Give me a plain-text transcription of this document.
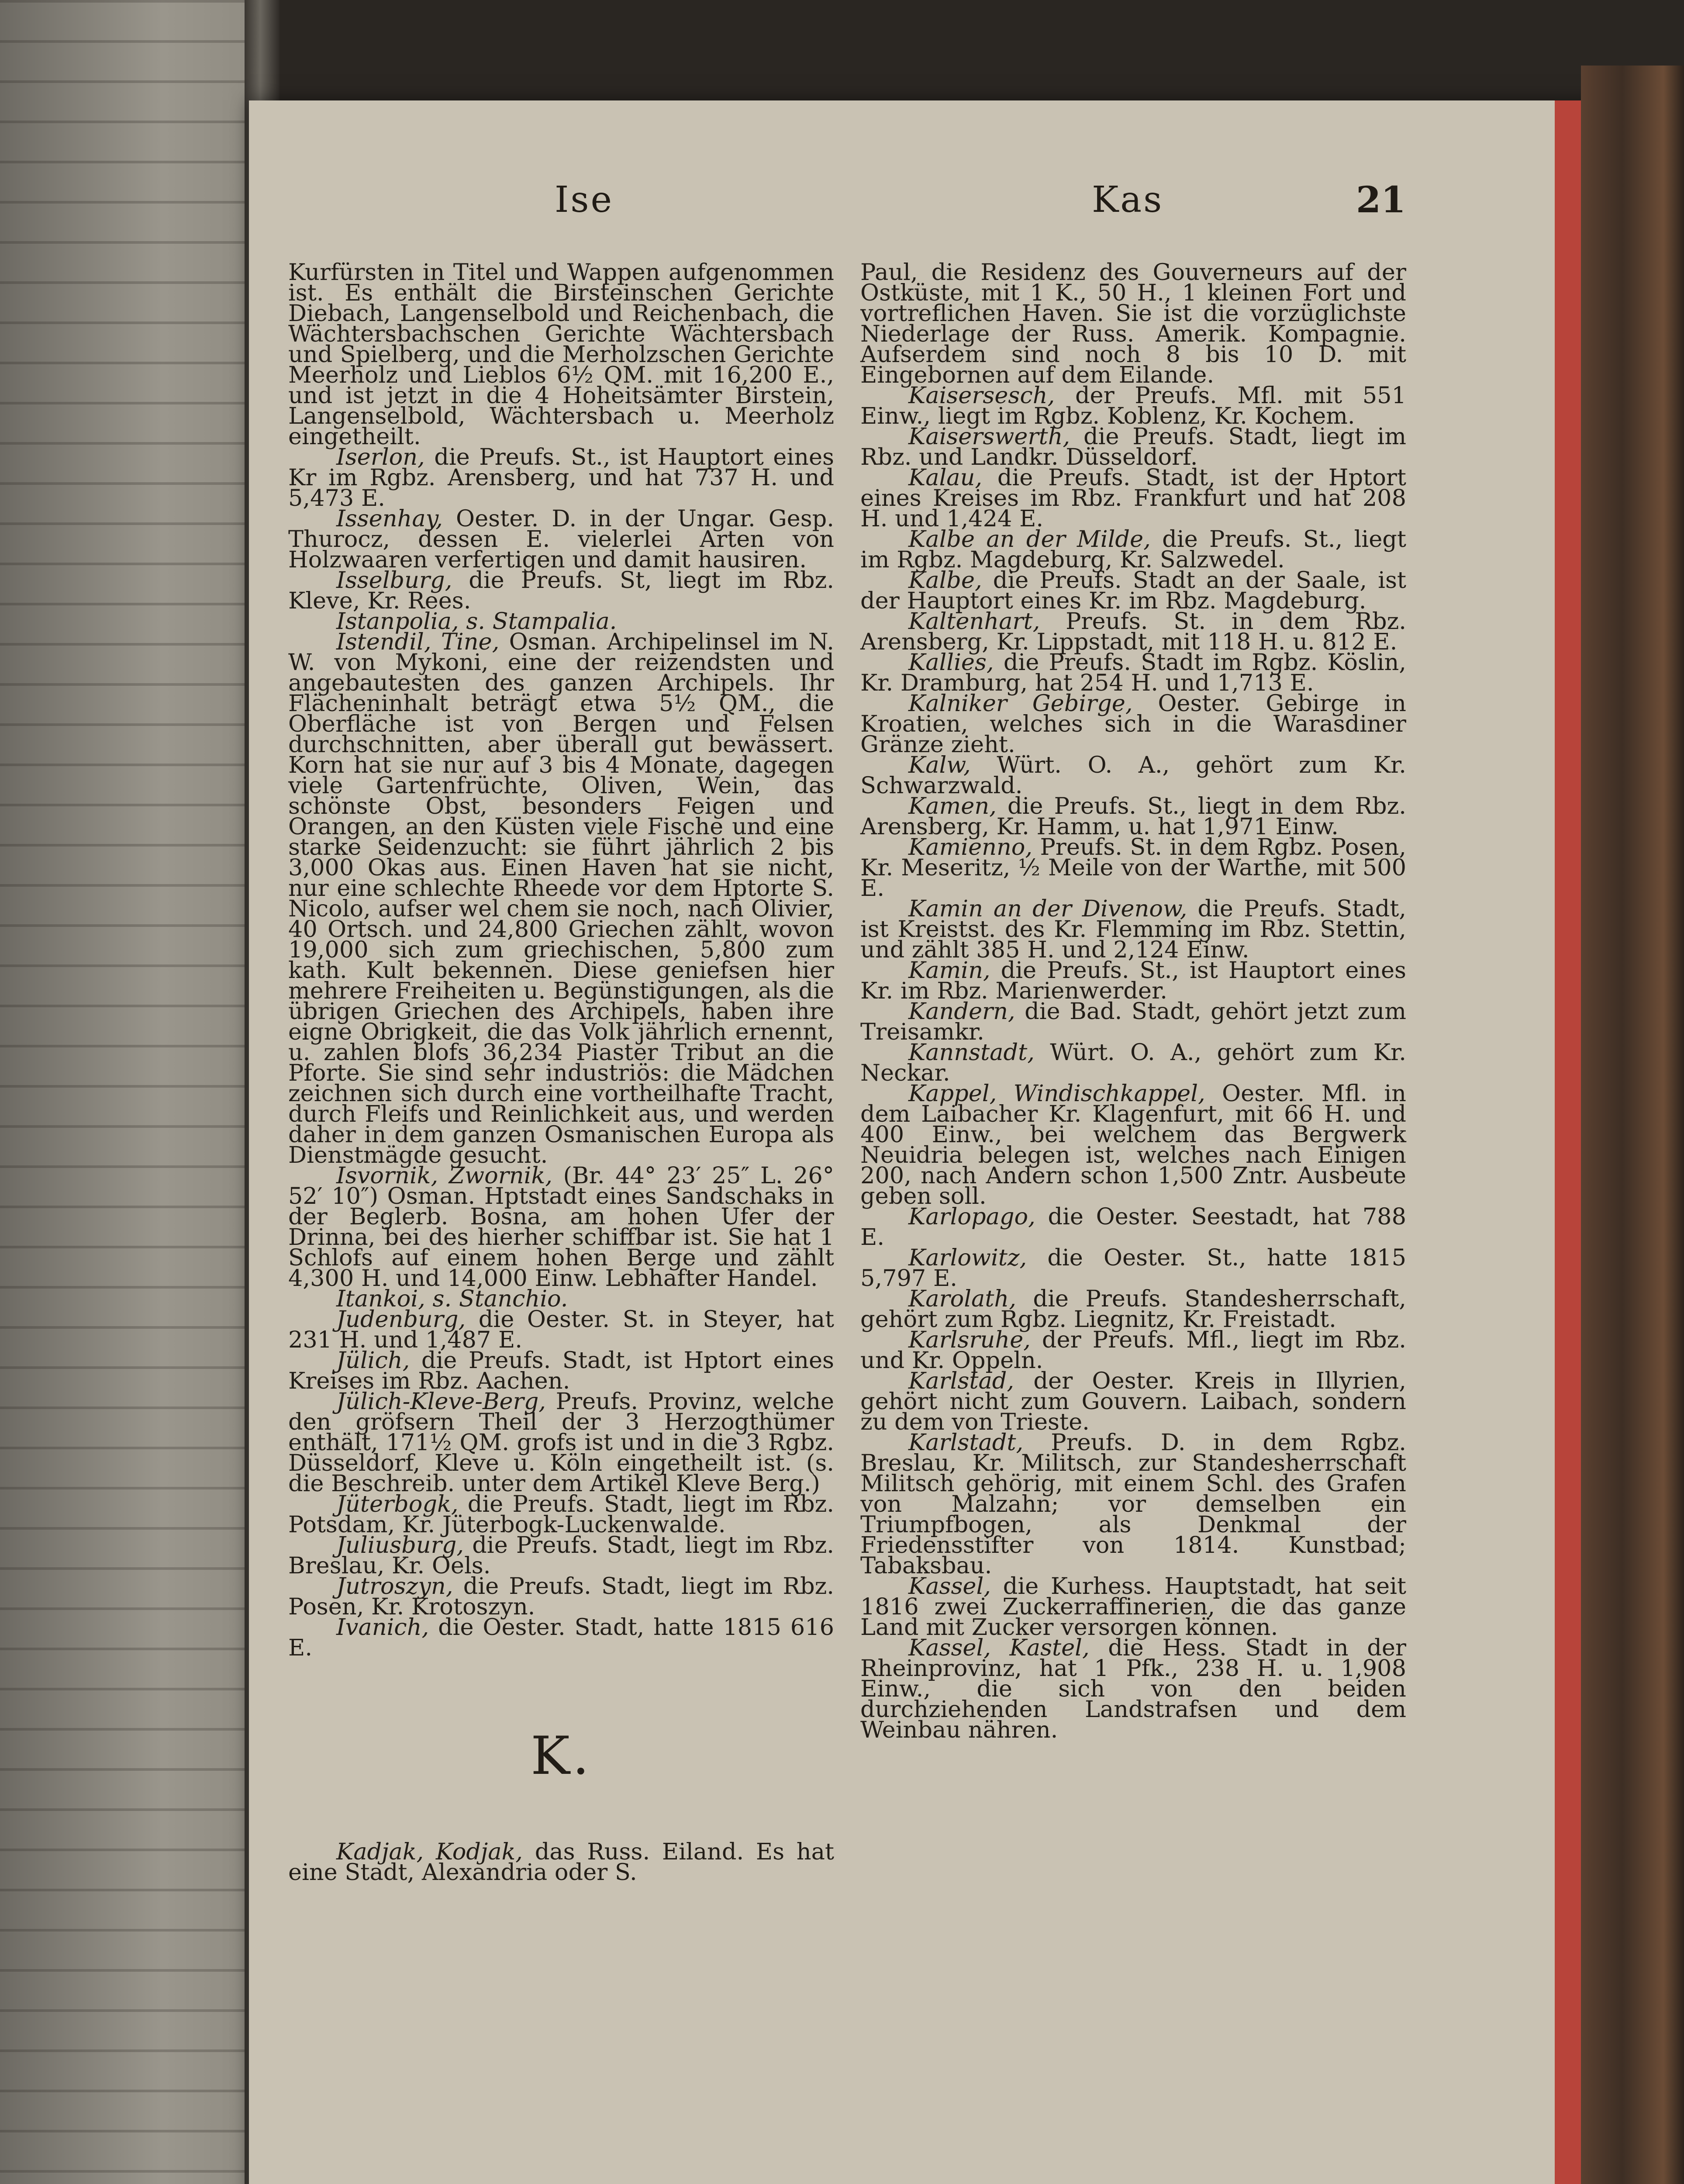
Ise	Kas	21

Kurfürsten in Titel und Wappen aufgenommen ist. Es enthält die Birsteinschen Gerichte Diebach, Langenselbold und Reichenbach, die Wächtersbachschen Gerichte Wächtersbach und Spielberg, und die Merholzschen Gerichte Meerholz und Lieblos 6½ QM. mit 16,200 E., und ist jetzt in die 4 Hoheitsämter Birstein, Langenselbold, Wächtersbach u. Meerholz eingetheilt.

Iserlon, die Preufs. St., ist Hauptort eines Kr im Rgbz. Arensberg, und hat 737 H. und 5,473 E.

Issenhay, Oester. D. in der Ungar. Gesp. Thurocz, dessen E. vielerlei Arten von Holzwaaren verfertigen und damit hausiren.

Isselburg, die Preufs. St, liegt im Rbz. Kleve, Kr. Rees.

Istanpolia, s. Stampalia.

Istendil, Tine, Osman. Archipelinsel im N. W. von Mykoni, eine der reizendsten und angebautesten des ganzen Archipels. Ihr Flächeninhalt beträgt etwa 5½ QM., die Oberfläche ist von Bergen und Felsen durchschnitten, aber überall gut bewässert. Korn hat sie nur auf 3 bis 4 Monate, dagegen viele Gartenfrüchte, Oliven, Wein, das schönste Obst, besonders Feigen und Orangen, an den Küsten viele Fische und eine starke Seidenzucht: sie führt jährlich 2 bis 3,000 Okas aus. Einen Haven hat sie nicht, nur eine schlechte Rheede vor dem Hptorte S. Nicolo, aufser wel chem sie noch, nach Olivier, 40 Ortsch. und 24,800 Griechen zählt, wovon 19,000 sich zum griechischen, 5,800 zum kath. Kult bekennen. Diese geniefsen hier mehrere Freiheiten u. Begünstigungen, als die übrigen Griechen des Archipels, haben ihre eigne Obrigkeit, die das Volk jährlich ernennt, u. zahlen blofs 36,234 Piaster Tribut an die Pforte. Sie sind sehr industriös: die Mädchen zeichnen sich durch eine vortheilhafte Tracht, durch Fleifs und Reinlichkeit aus, und werden daher in dem ganzen Osmanischen Europa als Dienstmägde gesucht.

Isvornik, Zwornik, (Br. 44° 23′ 25″ L. 26° 52′ 10″) Osman. Hptstadt eines Sandschaks in der Beglerb. Bosna, am hohen Ufer der Drinna, bei des hierher schiffbar ist. Sie hat 1 Schlofs auf einem hohen Berge und zählt 4,300 H. und 14,000 Einw. Lebhafter Handel.

Itankoi, s. Stanchio.

Judenburg, die Oester. St. in Steyer, hat 231 H. und 1,487 E.

Jülich, die Preufs. Stadt, ist Hptort eines Kreises im Rbz. Aachen.

Jülich-Kleve-Berg, Preufs. Provinz, welche den gröfsern Theil der 3 Herzogthümer enthält, 171½ QM. grofs ist und in die 3 Rgbz. Düsseldorf, Kleve u. Köln eingetheilt ist. (s. die Beschreib. unter dem Artikel Kleve Berg.)

Jüterbogk, die Preufs. Stadt, liegt im Rbz. Potsdam, Kr. Jüterbogk-Luckenwalde.

Juliusburg, die Preufs. Stadt, liegt im Rbz. Breslau, Kr. Oels.

Jutroszyn, die Preufs. Stadt, liegt im Rbz. Posen, Kr. Krotoszyn.

Ivanich, die Oester. Stadt, hatte 1815 616 E.

K.

Kadjak, Kodjak, das Russ. Eiland. Es hat eine Stadt, Alexandria oder S.

Paul, die Residenz des Gouverneurs auf der Ostküste, mit 1 K., 50 H., 1 kleinen Fort und vortreflichen Haven. Sie ist die vorzüglichste Niederlage der Russ. Amerik. Kompagnie. Aufserdem sind noch 8 bis 10 D. mit Eingebornen auf dem Eilande.

Kaisersesch, der Preufs. Mfl. mit 551 Einw., liegt im Rgbz. Koblenz, Kr. Kochem.

Kaiserswerth, die Preufs. Stadt, liegt im Rbz. und Landkr. Düsseldorf.

Kalau, die Preufs. Stadt, ist der Hptort eines Kreises im Rbz. Frankfurt und hat 208 H. und 1,424 E.

Kalbe an der Milde, die Preufs. St., liegt im Rgbz. Magdeburg, Kr. Salzwedel.

Kalbe, die Preufs. Stadt an der Saale, ist der Hauptort eines Kr. im Rbz. Magdeburg.

Kaltenhart, Preufs. St. in dem Rbz. Arensberg, Kr. Lippstadt, mit 118 H. u. 812 E.

Kallies, die Preufs. Stadt im Rgbz. Köslin, Kr. Dramburg, hat 254 H. und 1,713 E.

Kalniker Gebirge, Oester. Gebirge in Kroatien, welches sich in die Warasdiner Gränze zieht.

Kalw, Würt. O. A., gehört zum Kr. Schwarzwald.

Kamen, die Preufs. St., liegt in dem Rbz. Arensberg, Kr. Hamm, u. hat 1,971 Einw.

Kamienno, Preufs. St. in dem Rgbz. Posen, Kr. Meseritz, ½ Meile von der Warthe, mit 500 E.

Kamin an der Divenow, die Preufs. Stadt, ist Kreistst. des Kr. Flemming im Rbz. Stettin, und zählt 385 H. und 2,124 Einw.

Kamin, die Preufs. St., ist Hauptort eines Kr. im Rbz. Marienwerder.

Kandern, die Bad. Stadt, gehört jetzt zum Treisamkr.

Kannstadt, Würt. O. A., gehört zum Kr. Neckar.

Kappel, Windischkappel, Oester. Mfl. in dem Laibacher Kr. Klagenfurt, mit 66 H. und 400 Einw., bei welchem das Bergwerk Neuidria belegen ist, welches nach Einigen 200, nach Andern schon 1,500 Zntr. Ausbeute geben soll.

Karlopago, die Oester. Seestadt, hat 788 E.

Karlowitz, die Oester. St., hatte 1815 5,797 E.

Karolath, die Preufs. Standesherrschaft, gehört zum Rgbz. Liegnitz, Kr. Freistadt.

Karlsruhe, der Preufs. Mfl., liegt im Rbz. und Kr. Oppeln.

Karlstad, der Oester. Kreis in Illyrien, gehört nicht zum Gouvern. Laibach, sondern zu dem von Trieste.

Karlstadt, Preufs. D. in dem Rgbz. Breslau, Kr. Militsch, zur Standesherrschaft Militsch gehörig, mit einem Schl. des Grafen von Malzahn; vor demselben ein Triumpfbogen, als Denkmal der Friedensstifter von 1814. Kunstbad; Tabaksbau.

Kassel, die Kurhess. Hauptstadt, hat seit 1816 zwei Zuckerraffinerien, die das ganze Land mit Zucker versorgen können.

Kassel, Kastel, die Hess. Stadt in der Rheinprovinz, hat 1 Pfk., 238 H. u. 1,908 Einw., die sich von den beiden durchziehenden Landstrafsen und dem Weinbau nähren.
